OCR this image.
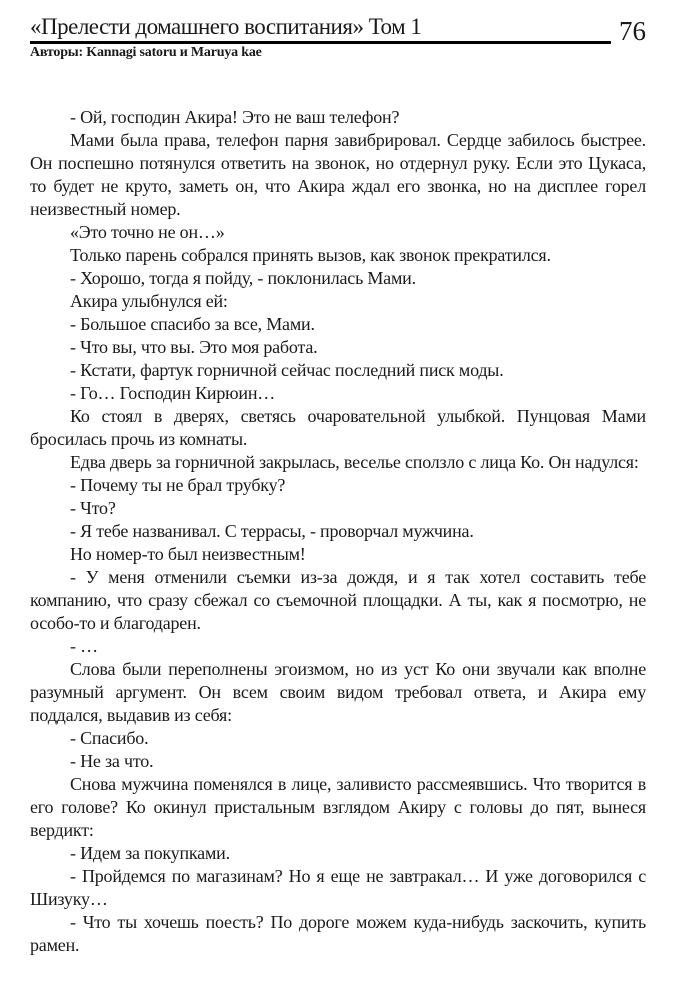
«Прелести домашнего воспитания» Том 1	76
Авторы: Kannagi satoru и Maruya kae

- Ой, господин Акира! Это не ваш телефон?

Мами была права, телефон парня завибрировал. Сердце забилось быстрее. Он поспешно потянулся ответить на звонок, но отдернул руку. Если это Цукаса, то будет не круто, заметь он, что Акира ждал его звонка, но на дисплее горел неизвестный номер.

«Это точно не он…»

Только парень собрался принять вызов, как звонок прекратился.

- Хорошо, тогда я пойду, - поклонилась Мами.

Акира улыбнулся ей:

- Большое спасибо за все, Мами.

- Что вы, что вы. Это моя работа.

- Кстати, фартук горничной сейчас последний писк моды.

- Го… Господин Кирюин…

Ко стоял в дверях, светясь очаровательной улыбкой. Пунцовая Мами бросилась прочь из комнаты.

Едва дверь за горничной закрылась, веселье сползло с лица Ко. Он надулся:

- Почему ты не брал трубку?

- Что?

- Я тебе названивал. С террасы, - проворчал мужчина.

Но номер-то был неизвестным!

- У меня отменили съемки из-за дождя, и я так хотел составить тебе компанию, что сразу сбежал со съемочной площадки. А ты, как я посмотрю, не особо-то и благодарен.

- …

Слова были переполнены эгоизмом, но из уст Ко они звучали как вполне разумный аргумент. Он всем своим видом требовал ответа, и Акира ему поддался, выдавив из себя:

- Спасибо.

- Не за что.

Снова мужчина поменялся в лице, заливисто рассмеявшись. Что творится в его голове? Ко окинул пристальным взглядом Акиру с головы до пят, вынеся вердикт:

- Идем за покупками.

- Пройдемся по магазинам? Но я еще не завтракал… И уже договорился с Шизуку…

- Что ты хочешь поесть? По дороге можем куда-нибудь заскочить, купить рамен.
